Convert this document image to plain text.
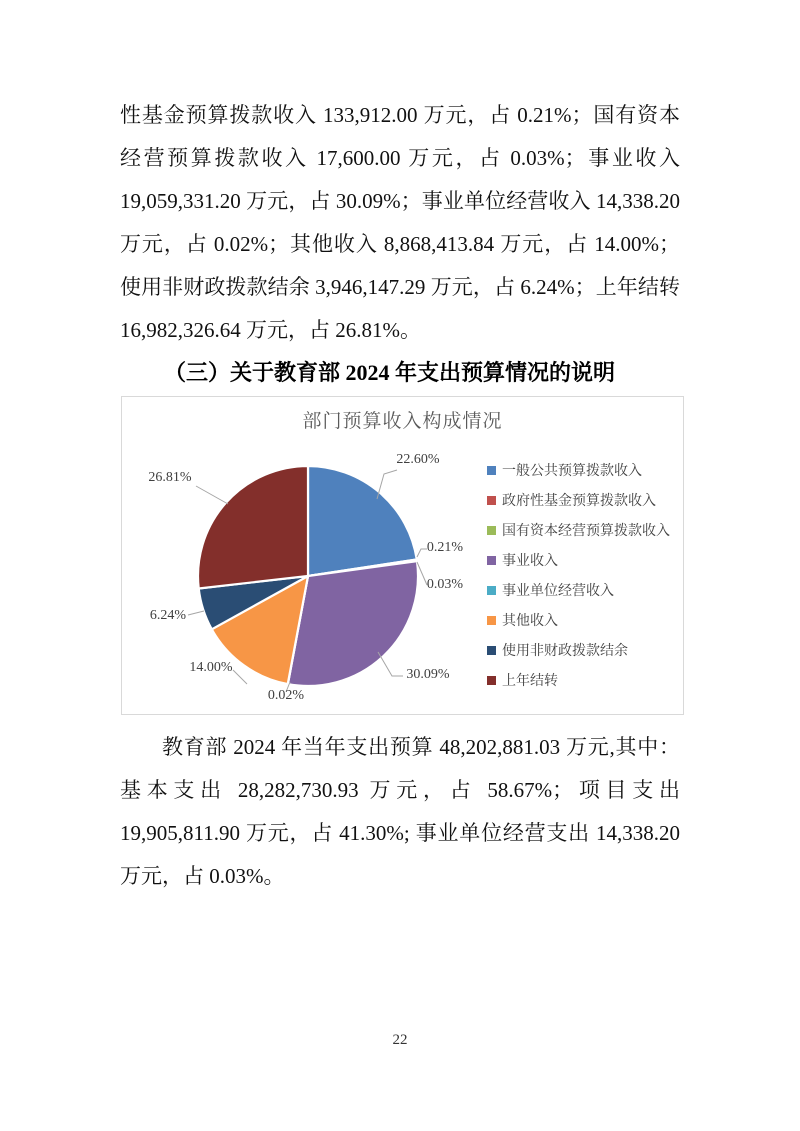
性基金预算拨款收入 133,912.00 万元，占 0.21%；国有资本经营预算拨款收入 17,600.00 万元，占 0.03%；事业收入 19,059,331.20 万元，占 30.09%；事业单位经营收入 14,338.20 万元，占 0.02%；其他收入 8,868,413.84 万元，占 14.00%；使用非财政拨款结余 3,946,147.29 万元，占 6.24%；上年结转 16,982,326.64 万元，占 26.81%。

（三）关于教育部 2024 年支出预算情况的说明
22.60%
0.21%
0.03%
30.09%
0.02%
14.00%
6.24%
26.81%
部门预算收入构成情况
一般公共预算拨款收入
政府性基金预算拨款收入
国有资本经营预算拨款收入
事业收入
事业单位经营收入
其他收入
使用非财政拨款结余
上年结转

教育部 2024 年当年支出预算 48,202,881.03 万元,其中：基本支出 28,282,730.93 万元，占 58.67%；项目支出 19,905,811.90 万元，占 41.30%; 事业单位经营支出 14,338.20 万元，占 0.03%。

22
